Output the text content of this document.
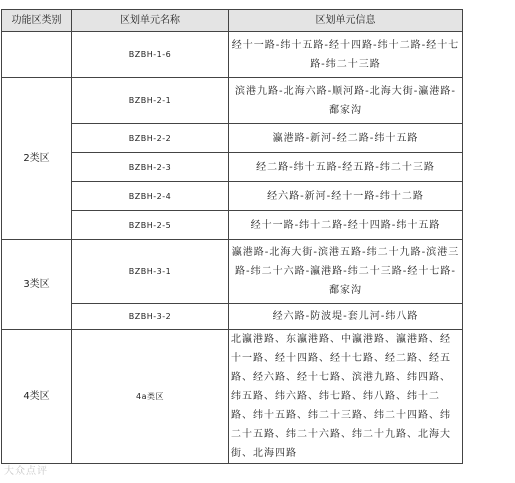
功能区类别	区划单元名称	区划单元信息
	BZBH-1-6	经十一路-纬十五路-经十四路-纬十二路-经十七路-纬二十三路
2类区	BZBH-2-1	滨港九路-北海六路-顺河路-北海大街-瀛港路-鄱家沟
	BZBH-2-2	瀛港路-新河-经二路-纬十五路
	BZBH-2-3	经二路-纬十五路-经五路-纬二十三路
	BZBH-2-4	经六路-新河-经十一路-纬十二路
	BZBH-2-5	经十一路-纬十二路-经十四路-纬十五路
3类区	BZBH-3-1	瀛港路-北海大街-滨港五路-纬二十九路-滨港三路-纬二十六路-瀛港路-纬二十三路-经十七路-鄱家沟
	BZBH-3-2	经六路-防波堤-套儿河-纬八路
4类区	4a类区	北瀛港路、东瀛港路、中瀛港路、瀛港路、经十一路、经十四路、经十七路、经二路、经五路、经六路、经十七路、滨港九路、纬四路、纬五路、纬六路、纬七路、纬八路、纬十二路、纬十五路、纬二十三路、纬二十四路、纬二十五路、纬二十六路、纬二十九路、北海大街、北海四路
大众点评
